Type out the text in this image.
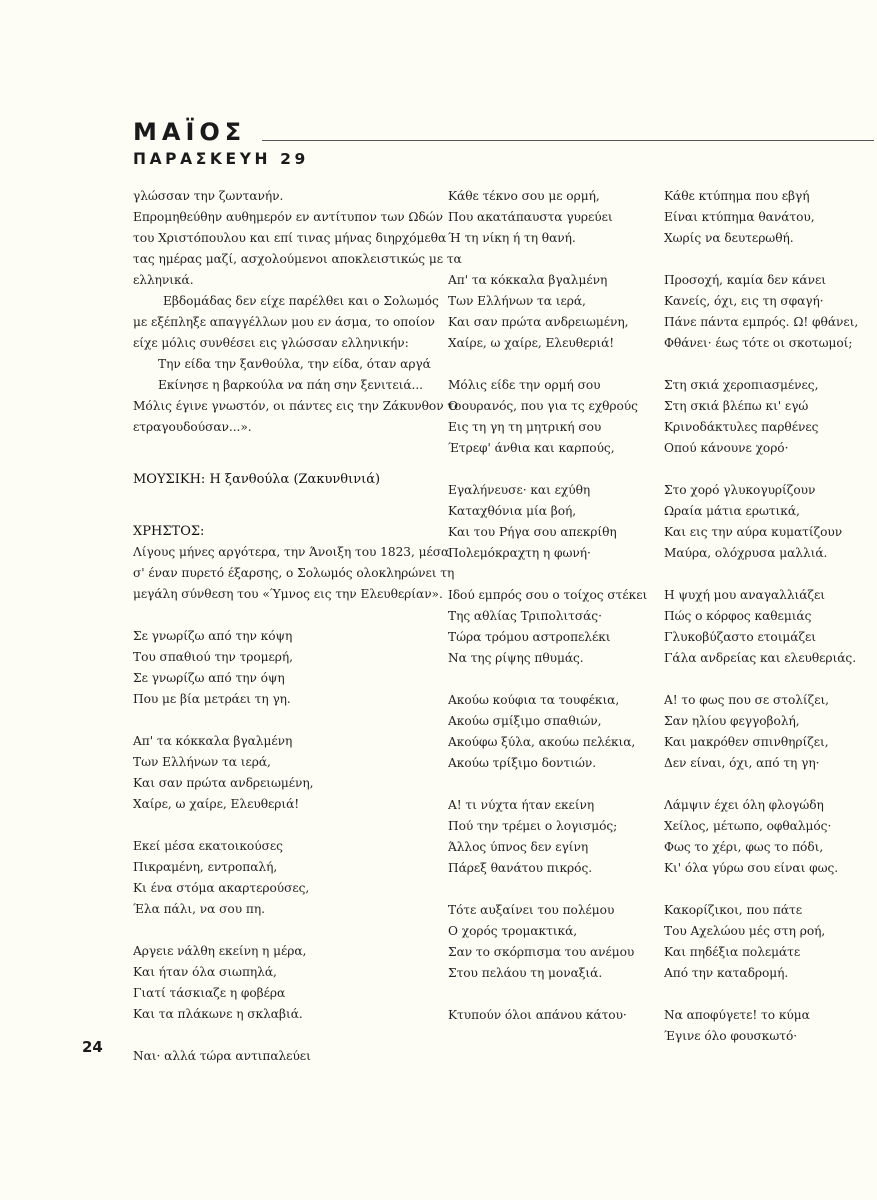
ΜΑΪΟΣ
ΠΑΡΑΣΚΕΥΗ 29
γλώσσαν την ζωντανήν.
Επρομηθεύθην αυθημερόν εν αντίτυπον των Ωδών
του Χριστόπουλου και επί τινας μήνας διηρχόμεθα
τας ημέρας μαζί, ασχολούμενοι αποκλειστικώς με τα
ελληνικά.
Εβδομάδας δεν είχε παρέλθει και ο Σολωμός
με εξέπληξε απαγγέλλων μου εν άσμα, το οποίον
είχε μόλις συνθέσει εις γλώσσαν ελληνικήν:
Την είδα την ξανθούλα, την είδα, όταν αργά
Εκίνησε η βαρκούλα να πάη σην ξενιτειά...
Μόλις έγινε γνωστόν, οι πάντες εις την Ζάκυνθον το
ετραγουδούσαν...».
ΜΟΥΣΙΚΗ: Η ξανθούλα (Ζακυνθινιά)
ΧΡΗΣΤΟΣ:
Λίγους μήνες αργότερα, την Άνοιξη του 1823, μέσα
σ' έναν πυρετό έξαρσης, ο Σολωμός ολοκληρώνει τη
μεγάλη σύνθεση του «Ύμνος εις την Ελευθερίαν».
Σε γνωρίζω από την κόψη
Του σπαθιού την τρομερή,
Σε γνωρίζω από την όψη
Που με βία μετράει τη γη.
Απ' τα κόκκαλα βγαλμένη
Των Ελλήνων τα ιερά,
Και σαν πρώτα ανδρειωμένη,
Χαίρε, ω χαίρε, Ελευθεριά!
Εκεί μέσα εκατοικούσες
Πικραμένη, εντροπαλή,
Κι ένα στόμα ακαρτερούσες,
Έλα πάλι, να σου πη.
Αργειε νάλθη εκείνη η μέρα,
Και ήταν όλα σιωπηλά,
Γιατί τάσκιαζε η φοβέρα
Και τα πλάκωνε η σκλαβιά.
Ναι· αλλά τώρα αντιπαλεύει
Κάθε τέκνο σου με ορμή,
Που ακατάπαυστα γυρεύει
Ή τη νίκη ή τη θανή.
Απ' τα κόκκαλα βγαλμένη
Των Ελλήνων τα ιερά,
Και σαν πρώτα ανδρειωμένη,
Χαίρε, ω χαίρε, Ελευθεριά!
Μόλις είδε την ορμή σου
Ο ουρανός, που για τς εχθρούς
Εις τη γη τη μητρική σου
Έτρεφ' άνθια και καρπούς,
Εγαλήνευσε· και εχύθη
Καταχθόνια μία βοή,
Και του Ρήγα σου απεκρίθη
Πολεμόκραχτη η φωνή·
Ιδού εμπρός σου ο τοίχος στέκει
Της αθλίας Τριπολιτσάς·
Τώρα τρόμου αστροπελέκι
Να της ρίψης πθυμάς.
Ακούω κούφια τα τουφέκια,
Ακούω σμίξιμο σπαθιών,
Ακούφω ξύλα, ακούω πελέκια,
Ακούω τρίξιμο δοντιών.
Α! τι νύχτα ήταν εκείνη
Πού την τρέμει ο λογισμός;
Άλλος ύπνος δεν εγίνη
Πάρεξ θανάτου πικρός.
Τότε αυξαίνει του πολέμου
Ο χορός τρομακτικά,
Σαν το σκόρπισμα του ανέμου
Στου πελάου τη μοναξιά.
Κτυπούν όλοι απάνου κάτου·
Κάθε κτύπημα που εβγή
Είναι κτύπημα θανάτου,
Χωρίς να δευτερωθή.
Προσοχή, καμία δεν κάνει
Κανείς, όχι, εις τη σφαγή·
Πάνε πάντα εμπρός. Ω! φθάνει,
Φθάνει· έως τότε οι σκοτωμοί;
Στη σκιά χεροπιασμένες,
Στη σκιά βλέπω κι' εγώ
Κρινοδάκτυλες παρθένες
Οπού κάνουνε χορό·
Στο χορό γλυκογυρίζουν
Ωραία μάτια ερωτικά,
Και εις την αύρα κυματίζουν
Μαύρα, ολόχρυσα μαλλιά.
Η ψυχή μου αναγαλλιάζει
Πώς ο κόρφος καθεμιάς
Γλυκοβύζαστο ετοιμάζει
Γάλα ανδρείας και ελευθεριάς.
Α! το φως που σε στολίζει,
Σαν ηλίου φεγγοβολή,
Και μακρόθεν σπινθηρίζει,
Δεν είναι, όχι, από τη γη·
Λάμψιν έχει όλη φλογώδη
Χείλος, μέτωπο, οφθαλμός·
Φως το χέρι, φως το πόδι,
Κι' όλα γύρω σου είναι φως.
Κακορίζικοι, που πάτε
Του Αχελώου μές στη ροή,
Και πηδέξια πολεμάτε
Από την καταδρομή.
Να αποφύγετε! το κύμα
Έγινε όλο φουσκωτό·
24
